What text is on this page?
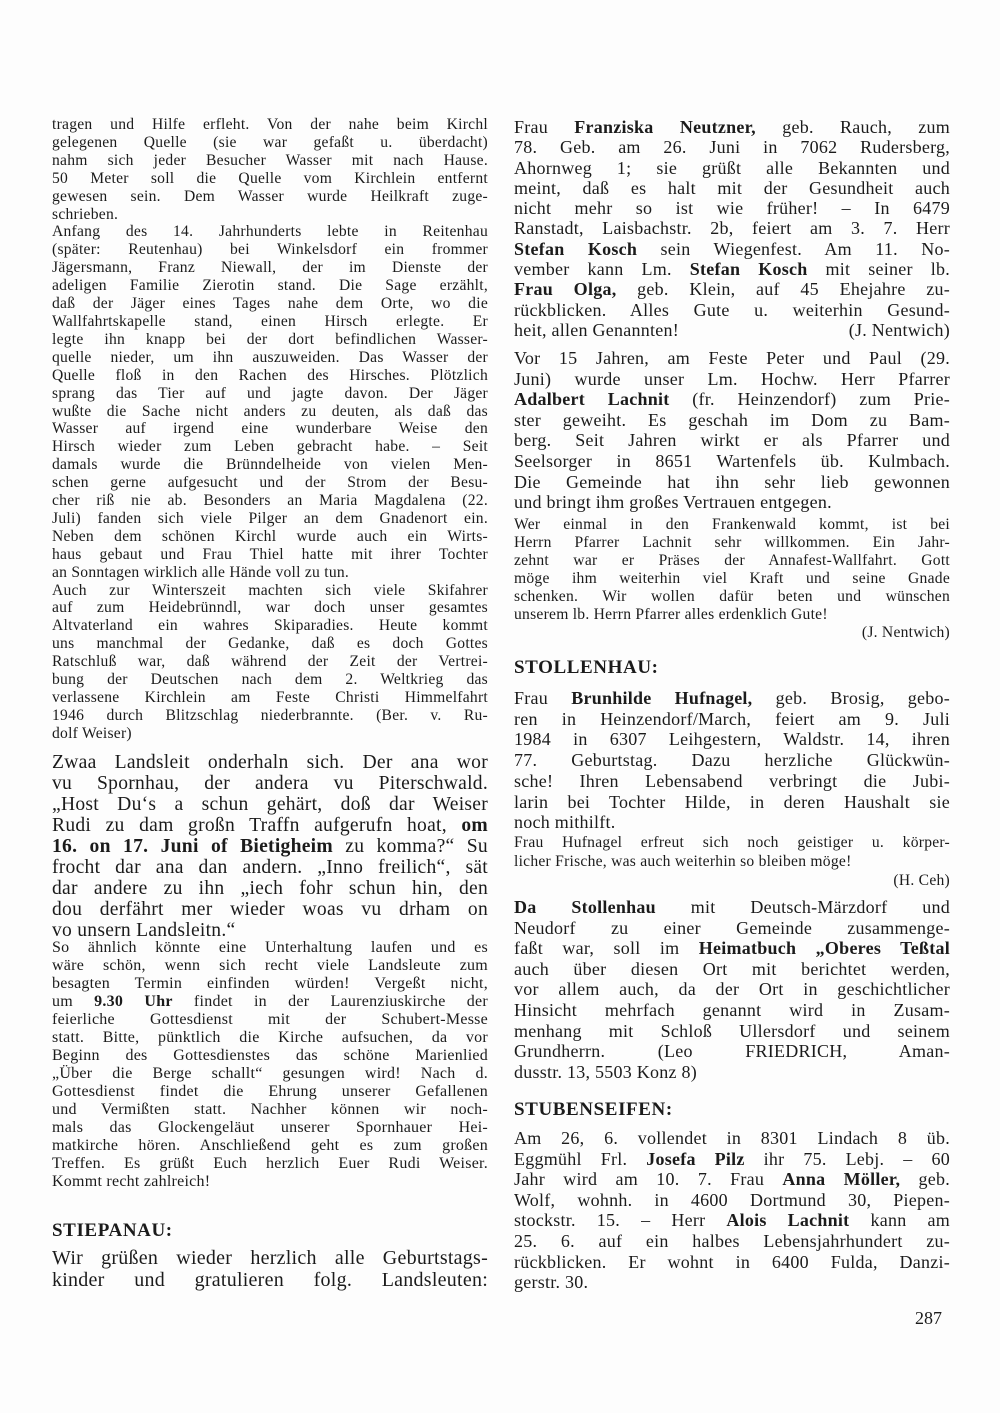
tragen und Hilfe erfleht. Von der nahe beim Kirchl
gelegenen Quelle (sie war gefaßt u. überdacht)
nahm sich jeder Besucher Wasser mit nach Hause.
50 Meter soll die Quelle vom Kirchlein entfernt
gewesen sein. Dem Wasser wurde Heilkraft zuge-
schrieben.
Anfang des 14. Jahrhunderts lebte in Reitenhau
(später: Reutenhau) bei Winkelsdorf ein frommer
Jägersmann, Franz Niewall, der im Dienste der
adeligen Familie Zierotin stand. Die Sage erzählt,
daß der Jäger eines Tages nahe dem Orte, wo die
Wallfahrtskapelle stand, einen Hirsch erlegte. Er
legte ihn knapp bei der dort befindlichen Wasser-
quelle nieder, um ihn auszuweiden. Das Wasser der
Quelle floß in den Rachen des Hirsches. Plötzlich
sprang das Tier auf und jagte davon. Der Jäger
wußte die Sache nicht anders zu deuten, als daß das
Wasser auf irgend eine wunderbare Weise den
Hirsch wieder zum Leben gebracht habe. – Seit
damals wurde die Brünndelheide von vielen Men-
schen gerne aufgesucht und der Strom der Besu-
cher riß nie ab. Besonders an Maria Magdalena (22.
Juli) fanden sich viele Pilger an dem Gnadenort ein.
Neben dem schönen Kirchl wurde auch ein Wirts-
haus gebaut und Frau Thiel hatte mit ihrer Tochter
an Sonntagen wirklich alle Hände voll zu tun.
Auch zur Winterszeit machten sich viele Skifahrer
auf zum Heidebrünndl, war doch unser gesamtes
Altvaterland ein wahres Skiparadies. Heute kommt
uns manchmal der Gedanke, daß es doch Gottes
Ratschluß war, daß während der Zeit der Vertrei-
bung der Deutschen nach dem 2. Weltkrieg das
verlassene Kirchlein am Feste Christi Himmelfahrt
1946 durch Blitzschlag niederbrannte. (Ber. v. Ru-
dolf Weiser)
Zwaa Landsleit onderhaln sich. Der ana wor
vu Spornhau, der andera vu Piterschwald.
„Host Du‘s a schun gehärt, doß dar Weiser
Rudi zu dam großn Traffn aufgerufn hoat, om
16. on 17. Juni of Bietigheim zu komma?“ Su
frocht dar ana dan andern. „Inno freilich“, sät
dar andere zu ihn „iech fohr schun hin, den
dou derfährt mer wieder woas vu drham on
vo unsern Landsleitn.“
So ähnlich könnte eine Unterhaltung laufen und es
wäre schön, wenn sich recht viele Landsleute zum
besagten Termin einfinden würden! Vergeßt nicht,
um 9.30 Uhr findet in der Laurenziuskirche der
feierliche Gottesdienst mit der Schubert-Messe
statt. Bitte, pünktlich die Kirche aufsuchen, da vor
Beginn des Gottesdienstes das schöne Marienlied
„Über die Berge schallt“ gesungen wird! Nach d.
Gottesdienst findet die Ehrung unserer Gefallenen
und Vermißten statt. Nachher können wir noch-
mals das Glockengeläut unserer Spornhauer Hei-
matkirche hören. Anschließend geht es zum großen
Treffen. Es grüßt Euch herzlich Euer Rudi Weiser.
Kommt recht zahlreich!
STIEPANAU:
Wir grüßen wieder herzlich alle Geburtstags-
kinder und gratulieren folg. Landsleuten:
Frau Franziska Neutzner, geb. Rauch, zum
78. Geb. am 26. Juni in 7062 Rudersberg,
Ahornweg 1; sie grüßt alle Bekannten und
meint, daß es halt mit der Gesundheit auch
nicht mehr so ist wie früher! – In 6479
Ranstadt, Laisbachstr. 2b, feiert am 3. 7. Herr
Stefan Kosch sein Wiegenfest. Am 11. No-
vember kann Lm. Stefan Kosch mit seiner lb.
Frau Olga, geb. Klein, auf 45 Ehejahre zu-
rückblicken. Alles Gute u. weiterhin Gesund-
heit, allen Genannten!	(J. Nentwich)
Vor 15 Jahren, am Feste Peter und Paul (29.
Juni) wurde unser Lm. Hochw. Herr Pfarrer
Adalbert Lachnit (fr. Heinzendorf) zum Prie-
ster geweiht. Es geschah im Dom zu Bam-
berg. Seit Jahren wirkt er als Pfarrer und
Seelsorger in 8651 Wartenfels üb. Kulmbach.
Die Gemeinde hat ihn sehr lieb gewonnen
und bringt ihm großes Vertrauen entgegen.
Wer einmal in den Frankenwald kommt, ist bei
Herrn Pfarrer Lachnit sehr willkommen. Ein Jahr-
zehnt war er Präses der Annafest-Wallfahrt. Gott
möge ihm weiterhin viel Kraft und seine Gnade
schenken. Wir wollen dafür beten und wünschen
unserem lb. Herrn Pfarrer alles erdenklich Gute!
(J. Nentwich)
STOLLENHAU:
Frau Brunhilde Hufnagel, geb. Brosig, gebo-
ren in Heinzendorf/March, feiert am 9. Juli
1984 in 6307 Leihgestern, Waldstr. 14, ihren
77. Geburtstag. Dazu herzliche Glückwün-
sche! Ihren Lebensabend verbringt die Jubi-
larin bei Tochter Hilde, in deren Haushalt sie
noch mithilft.
Frau Hufnagel erfreut sich noch geistiger u. körper-
licher Frische, was auch weiterhin so bleiben möge!
(H. Ceh)
Da Stollenhau mit Deutsch-Märzdorf und
Neudorf zu einer Gemeinde zusammenge-
faßt war, soll im Heimatbuch „Oberes Teßtal
auch über diesen Ort mit berichtet werden,
vor allem auch, da der Ort in geschichtlicher
Hinsicht mehrfach genannt wird in Zusam-
menhang mit Schloß Ullersdorf und seinem
Grundherrn. (Leo FRIEDRICH, Aman-
dusstr. 13, 5503 Konz 8)
STUBENSEIFEN:
Am 26, 6. vollendet in 8301 Lindach 8 üb.
Eggmühl Frl. Josefa Pilz ihr 75. Lebj. – 60
Jahr wird am 10. 7. Frau Anna Möller, geb.
Wolf, wohnh. in 4600 Dortmund 30, Piepen-
stockstr. 15. – Herr Alois Lachnit kann am
25. 6. auf ein halbes Lebensjahrhundert zu-
rückblicken. Er wohnt in 6400 Fulda, Danzi-
gerstr. 30.
287
